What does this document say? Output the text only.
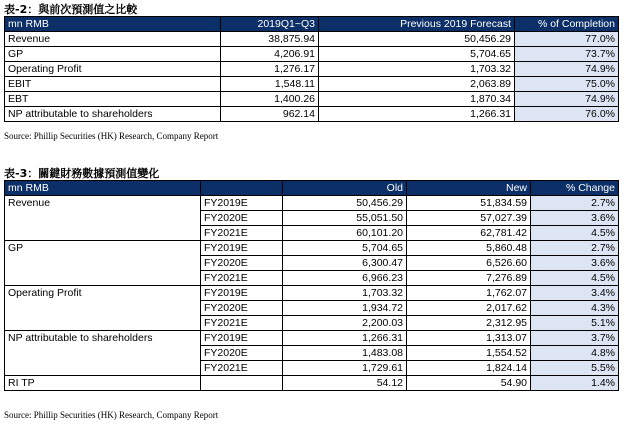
表-2：與前次預測值之比較
mn RMB	2019Q1~Q3	Previous 2019 Forecast	% of Completion
Revenue	38,875.94	50,456.29	77.0%
GP	4,206.91	5,704.65	73.7%
Operating Profit	1,276.17	1,703.32	74.9%
EBIT	1,548.11	2,063.89	75.0%
EBT	1,400.26	1,870.34	74.9%
NP attributable to shareholders	962.14	1,266.31	76.0%
Source: Phillip Securities (HK) Research, Company Report
表-3：關鍵財務數據預測值變化
mn RMB		Old	New	% Change
Revenue	FY2019E	50,456.29	51,834.59	2.7%
	FY2020E	55,051.50	57,027.39	3.6%
	FY2021E	60,101.20	62,781.42	4.5%
GP	FY2019E	5,704.65	5,860.48	2.7%
	FY2020E	6,300.47	6,526.60	3.6%
	FY2021E	6,966.23	7,276.89	4.5%
Operating Profit	FY2019E	1,703.32	1,762.07	3.4%
	FY2020E	1,934.72	2,017.62	4.3%
	FY2021E	2,200.03	2,312.95	5.1%
NP attributable to shareholders	FY2019E	1,266.31	1,313.07	3.7%
	FY2020E	1,483.08	1,554.52	4.8%
	FY2021E	1,729.61	1,824.14	5.5%
RI TP		54.12	54.90	1.4%
Source: Phillip Securities (HK) Research, Company Report
